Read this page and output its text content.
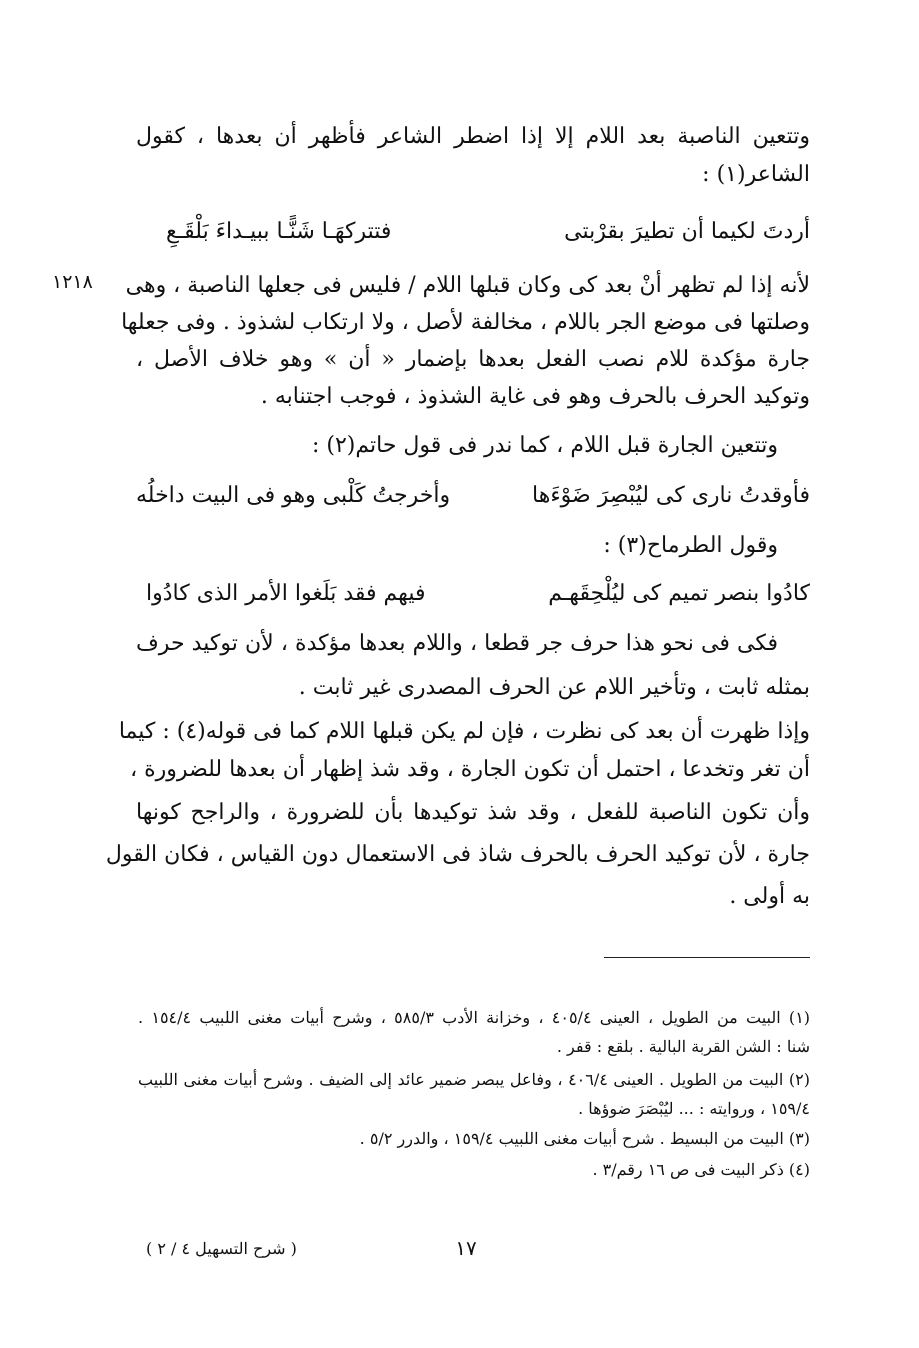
وتتعين الناصبة بعد اللام إلا إذا اضطر الشاعر فأظهر أن بعدها ، كقول
الشاعر(١) :
أردتَ لكيما أن تطيرَ بقرْبتى
فتتركهَـا شَنًّـا ببيـداءَ بَلْقَـعِ
١٢١٨ لأنه إذا لم تظهر أنْ بعد كى وكان قبلها اللام / فليس فى جعلها الناصبة ، وهى
وصلتها فى موضع الجر باللام ، مخالفة لأصل ، ولا ارتكاب لشذوذ . وفى جعلها
جارة مؤكدة للام نصب الفعل بعدها بإضمار « أن » وهو خلاف الأصل ،
وتوكيد الحرف بالحرف وهو فى غاية الشذوذ ، فوجب اجتنابه .
وتتعين الجارة قبل اللام ، كما ندر فى قول حاتم(٢) :
فأوقدتُ نارى كى ليُبْصِرَ ضَوْءَها
وأخرجتُ كَلْبى وهو فى البيت داخلُه
وقول الطرماح(٣) :
كادُوا بنصر تميم كى ليُلْحِقَهـم
فيهم فقد بَلَغوا الأمر الذى كادُوا
فكى فى نحو هذا حرف جر قطعا ، واللام بعدها مؤكدة ، لأن توكيد حرف
بمثله ثابت ، وتأخير اللام عن الحرف المصدرى غير ثابت .
وإذا ظهرت أن بعد كى نظرت ، فإن لم يكن قبلها اللام كما فى قوله(٤) : كيما
أن تغر وتخدعا ، احتمل أن تكون الجارة ، وقد شذ إظهار أن بعدها للضرورة ،
وأن تكون الناصبة للفعل ، وقد شذ توكيدها بأن للضرورة ، والراجح كونها
جارة ، لأن توكيد الحرف بالحرف شاذ فى الاستعمال دون القياس ، فكان القول
به أولى .
(١) البيت من الطويل ، العينى ٤٠٥/٤ ، وخزانة الأدب ٥٨٥/٣ ، وشرح أبيات مغنى اللبيب ١٥٤/٤ .
شنا : الشن القربة البالية . بلقع : قفر .
(٢) البيت من الطويل . العينى ٤٠٦/٤ ، وفاعل يبصر ضمير عائد إلى الضيف . وشرح أبيات مغنى اللبيب
١٥٩/٤ ، وروايته : ... ليُبْصَرَ ضوؤها .
(٣) البيت من البسيط . شرح أبيات مغنى اللبيب ١٥٩/٤ ، والدرر ٥/٢ .
(٤) ذكر البيت فى ص ١٦ رقم/٣ .
١٧
( شرح التسهيل ٤ / ٢ )
